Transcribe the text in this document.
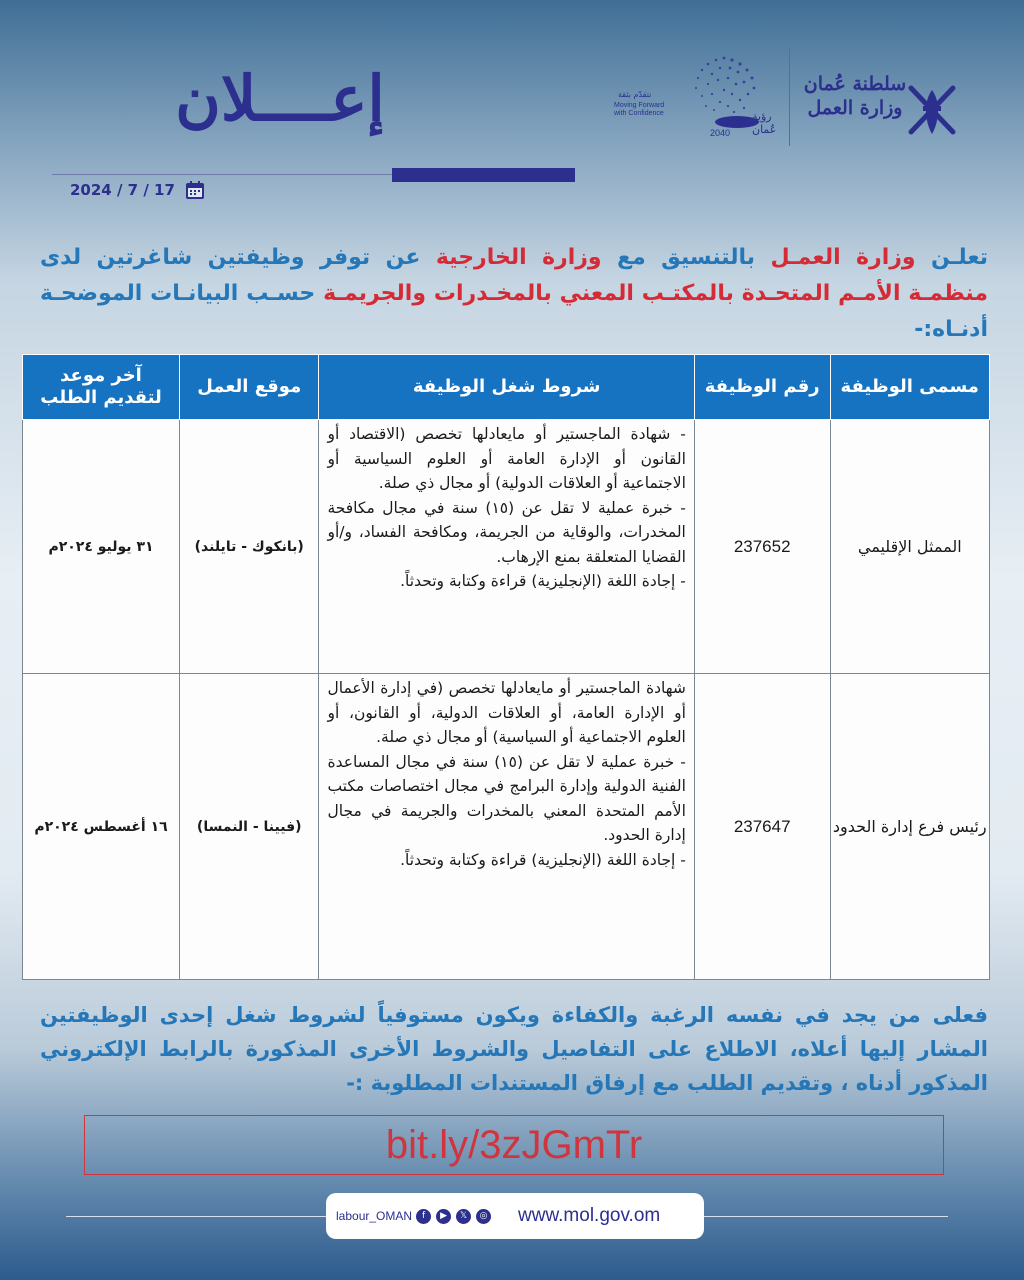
إعــــلان
2024 / 7 / 17
نتقدّم بثقة
Moving Forward
with Confidence	رؤية عُمان
2040
سلطنة عُمان
وزارة العمل
تعلـن وزارة العمـل بالتنسيق مع وزارة الخارجية عن توفر وظيفتين شاغرتين لدى منظمـة الأمـم المتحـدة بالمكتـب المعني بالمخـدرات والجريمـة حسـب البيانـات الموضحـة أدنـاه:-
مسمى الوظيفة	رقم الوظيفة	شروط شغل الوظيفة	موقع العمل	آخر موعد لتقديم الطلب
الممثل الإقليمي	237652	- شهادة الماجستير أو مايعادلها تخصص (الاقتصاد أو القانون أو الإدارة العامة أو العلوم السياسية أو الاجتماعية أو العلاقات الدولية) أو مجال ذي صلة.
- خبرة عملية لا تقل عن (١٥) سنة في مجال مكافحة المخدرات، والوقاية من الجريمة، ومكافحة الفساد، و/أو القضايا المتعلقة بمنع الإرهاب.
- إجادة اللغة (الإنجليزية) قراءة وكتابة وتحدثاً.	(بانكوك - تايلند)	٣١ يوليو ٢٠٢٤م
رئيس فرع إدارة الحدود	237647	شهادة الماجستير أو مايعادلها تخصص (في إدارة الأعمال أو الإدارة العامة، أو العلاقات الدولية، أو القانون، أو العلوم الاجتماعية أو السياسية) أو مجال ذي صلة.
- خبرة عملية لا تقل عن (١٥) سنة في مجال المساعدة الفنية الدولية وإدارة البرامج في مجال اختصاصات مكتب الأمم المتحدة المعني بالمخدرات والجريمة في مجال إدارة الحدود.
- إجادة اللغة (الإنجليزية) قراءة وكتابة وتحدثاً.	(فيينا - النمسا)	١٦ أغسطس ٢٠٢٤م
فعلى من يجد في نفسه الرغبة والكفاءة ويكون مستوفياً لشروط شغل إحدى الوظيفتين المشار إليها أعلاه، الاطلاع على التفاصيل والشروط الأخرى المذكورة بالرابط الإلكتروني المذكور أدناه ، وتقديم الطلب مع إرفاق المستندات المطلوبة :-
bit.ly/3zJGmTr
labour_OMAN	f	▶	𝕏	◎ www.mol.gov.om
